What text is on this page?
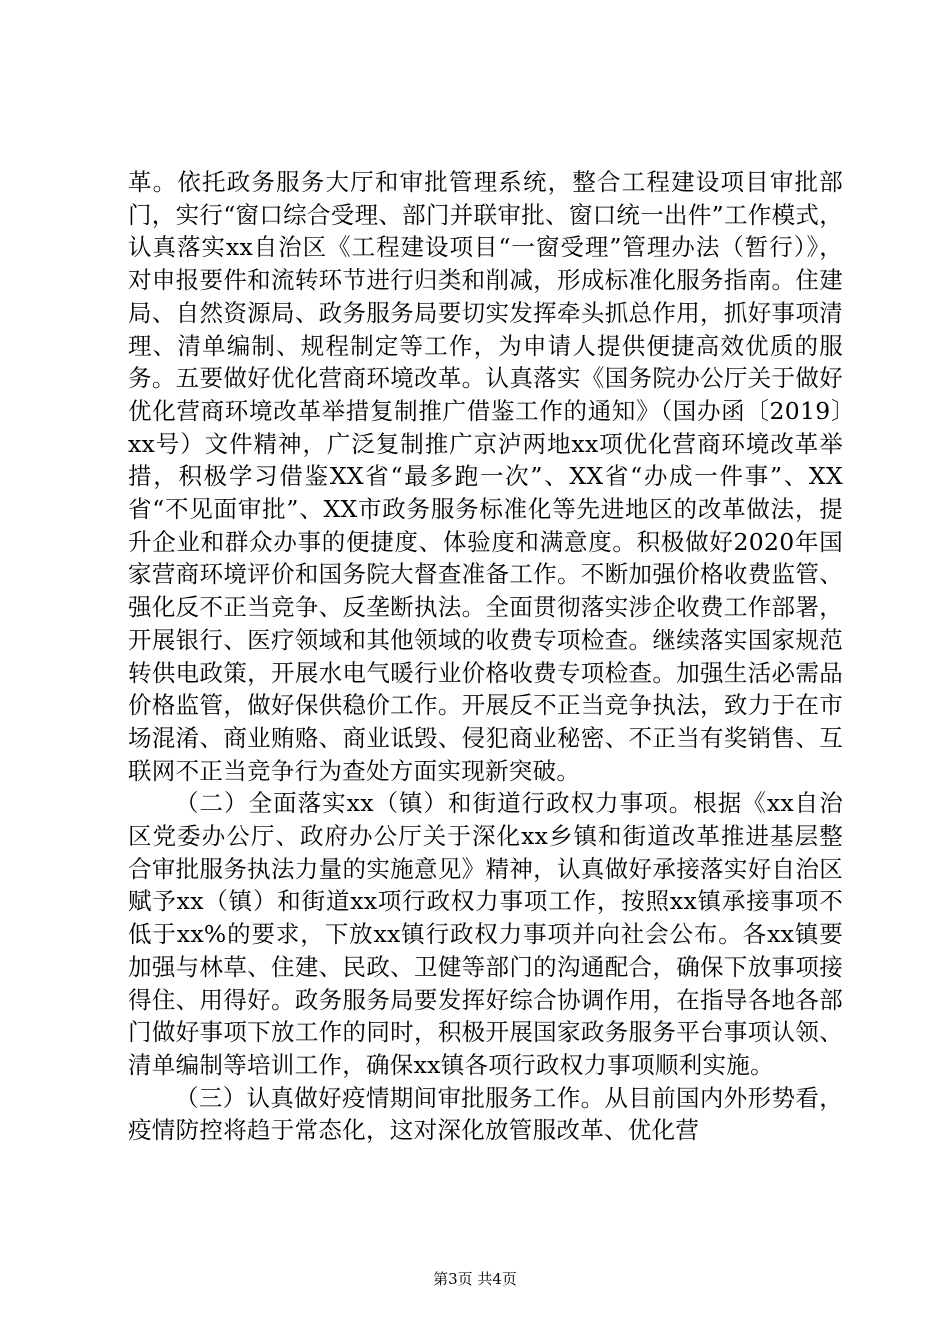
革。依托政务服务大厅和审批管理系统，整合工程建设项目审批部门，实行“窗口综合受理、部门并联审批、窗口统一出件”工作模式，认真落实xx自治区《工程建设项目“一窗受理”管理办法（暂行）》，对申报要件和流转环节进行归类和削减，形成标准化服务指南。住建局、自然资源局、政务服务局要切实发挥牵头抓总作用，抓好事项清理、清单编制、规程制定等工作，为申请人提供便捷高效优质的服务。五要做好优化营商环境改革。认真落实《国务院办公厅关于做好优化营商环境改革举措复制推广借鉴工作的通知》（国办函〔2019〕xx号）文件精神，广泛复制推广京泸两地xx项优化营商环境改革举措，积极学习借鉴XX省“最多跑一次”、XX省“办成一件事”、XX省“不见面审批”、XX市政务服务标准化等先进地区的改革做法，提升企业和群众办事的便捷度、体验度和满意度。积极做好2020年国家营商环境评价和国务院大督查准备工作。不断加强价格收费监管、强化反不正当竞争、反垄断执法。全面贯彻落实涉企收费工作部署，开展银行、医疗领域和其他领域的收费专项检查。继续落实国家规范转供电政策，开展水电气暖行业价格收费专项检查。加强生活必需品价格监管，做好保供稳价工作。开展反不正当竞争执法，致力于在市场混淆、商业贿赂、商业诋毁、侵犯商业秘密、不正当有奖销售、互联网不正当竞争行为查处方面实现新突破。

（二）全面落实xx（镇）和街道行政权力事项。根据《xx自治区党委办公厅、政府办公厅关于深化xx乡镇和街道改革推进基层整合审批服务执法力量的实施意见》精神，认真做好承接落实好自治区赋予xx（镇）和街道xx项行政权力事项工作，按照xx镇承接事项不低于xx%的要求，下放xx镇行政权力事项并向社会公布。各xx镇要加强与林草、住建、民政、卫健等部门的沟通配合，确保下放事项接得住、用得好。政务服务局要发挥好综合协调作用，在指导各地各部门做好事项下放工作的同时，积极开展国家政务服务平台事项认领、清单编制等培训工作，确保xx镇各项行政权力事项顺利实施。

（三）认真做好疫情期间审批服务工作。从目前国内外形势看，疫情防控将趋于常态化，这对深化放管服改革、优化营

第3页 共4页
